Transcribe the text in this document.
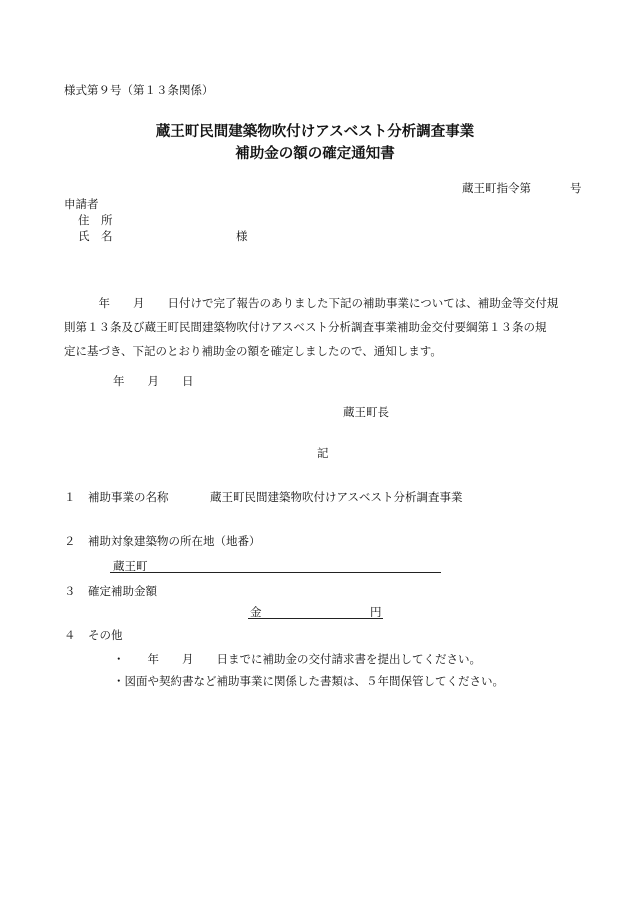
様式第９号（第１３条関係）
蔵王町民間建築物吹付けアスベスト分析調査事業
補助金の額の確定通知書
蔵王町指令第	号
申請者
住　所
氏　名	様

　　　年　　月　　日付けで完了報告のありました下記の補助事業については、補助金等交付規

則第１３条及び蔵王町民間建築物吹付けアスベスト分析調査事業補助金交付要綱第１３条の規

定に基づき、下記のとおり補助金の額を確定しましたので、通知します。

年　　月　　日
蔵王町長
記
１ 補助事業の名称	蔵王町民間建築物吹付けアスベスト分析調査事業
２ 補助対象建築物の所在地（地番）
蔵王町
３ 確定補助金額
金	円
４ その他
・　　年　　月　　日までに補助金の交付請求書を提出してください。
・図面や契約書など補助事業に関係した書類は、５年間保管してください。
